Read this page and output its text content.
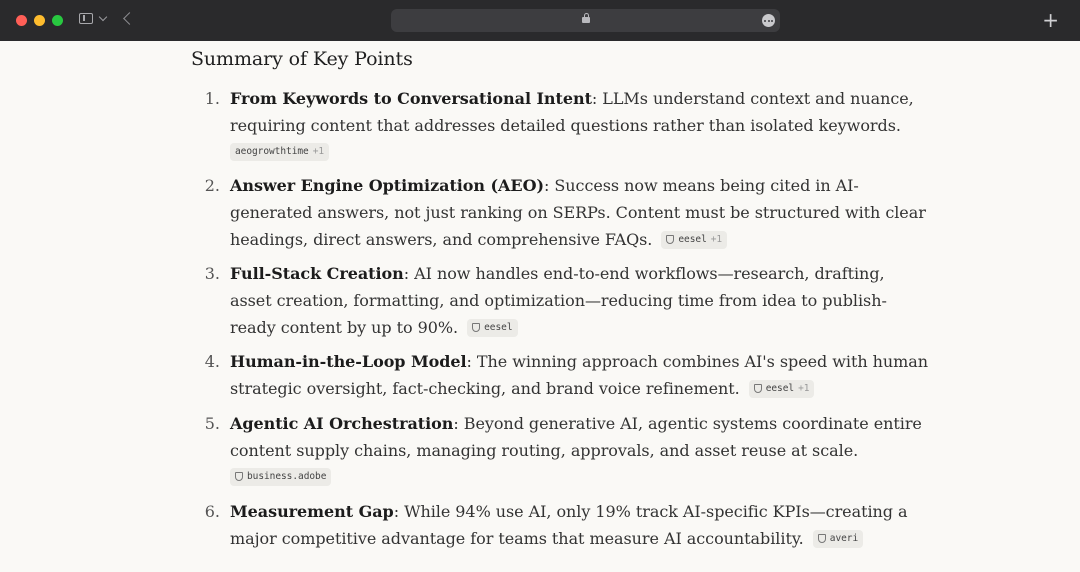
+
Summary of Key Points
1. From Keywords to Conversational Intent: LLMs understand context and nuance, requiring content that addresses detailed questions rather than isolated keywords.
aeogrowthtime +1
2. Answer Engine Optimization (AEO): Success now means being cited in AI-generated answers, not just ranking on SERPs. Content must be structured with clear headings, direct answers, and comprehensive FAQs.	eesel +1
3. Full-Stack Creation: AI now handles end-to-end workflows—research, drafting, asset creation, formatting, and optimization—reducing time from idea to publish-ready content by up to 90%.	eesel
4. Human-in-the-Loop Model: The winning approach combines AI's speed with human strategic oversight, fact-checking, and brand voice refinement.	eesel +1
5. Agentic AI Orchestration: Beyond generative AI, agentic systems coordinate entire content supply chains, managing routing, approvals, and asset reuse at scale.
business.adobe
6. Measurement Gap: While 94% use AI, only 19% track AI-specific KPIs—creating a major competitive advantage for teams that measure AI accountability.	averi
